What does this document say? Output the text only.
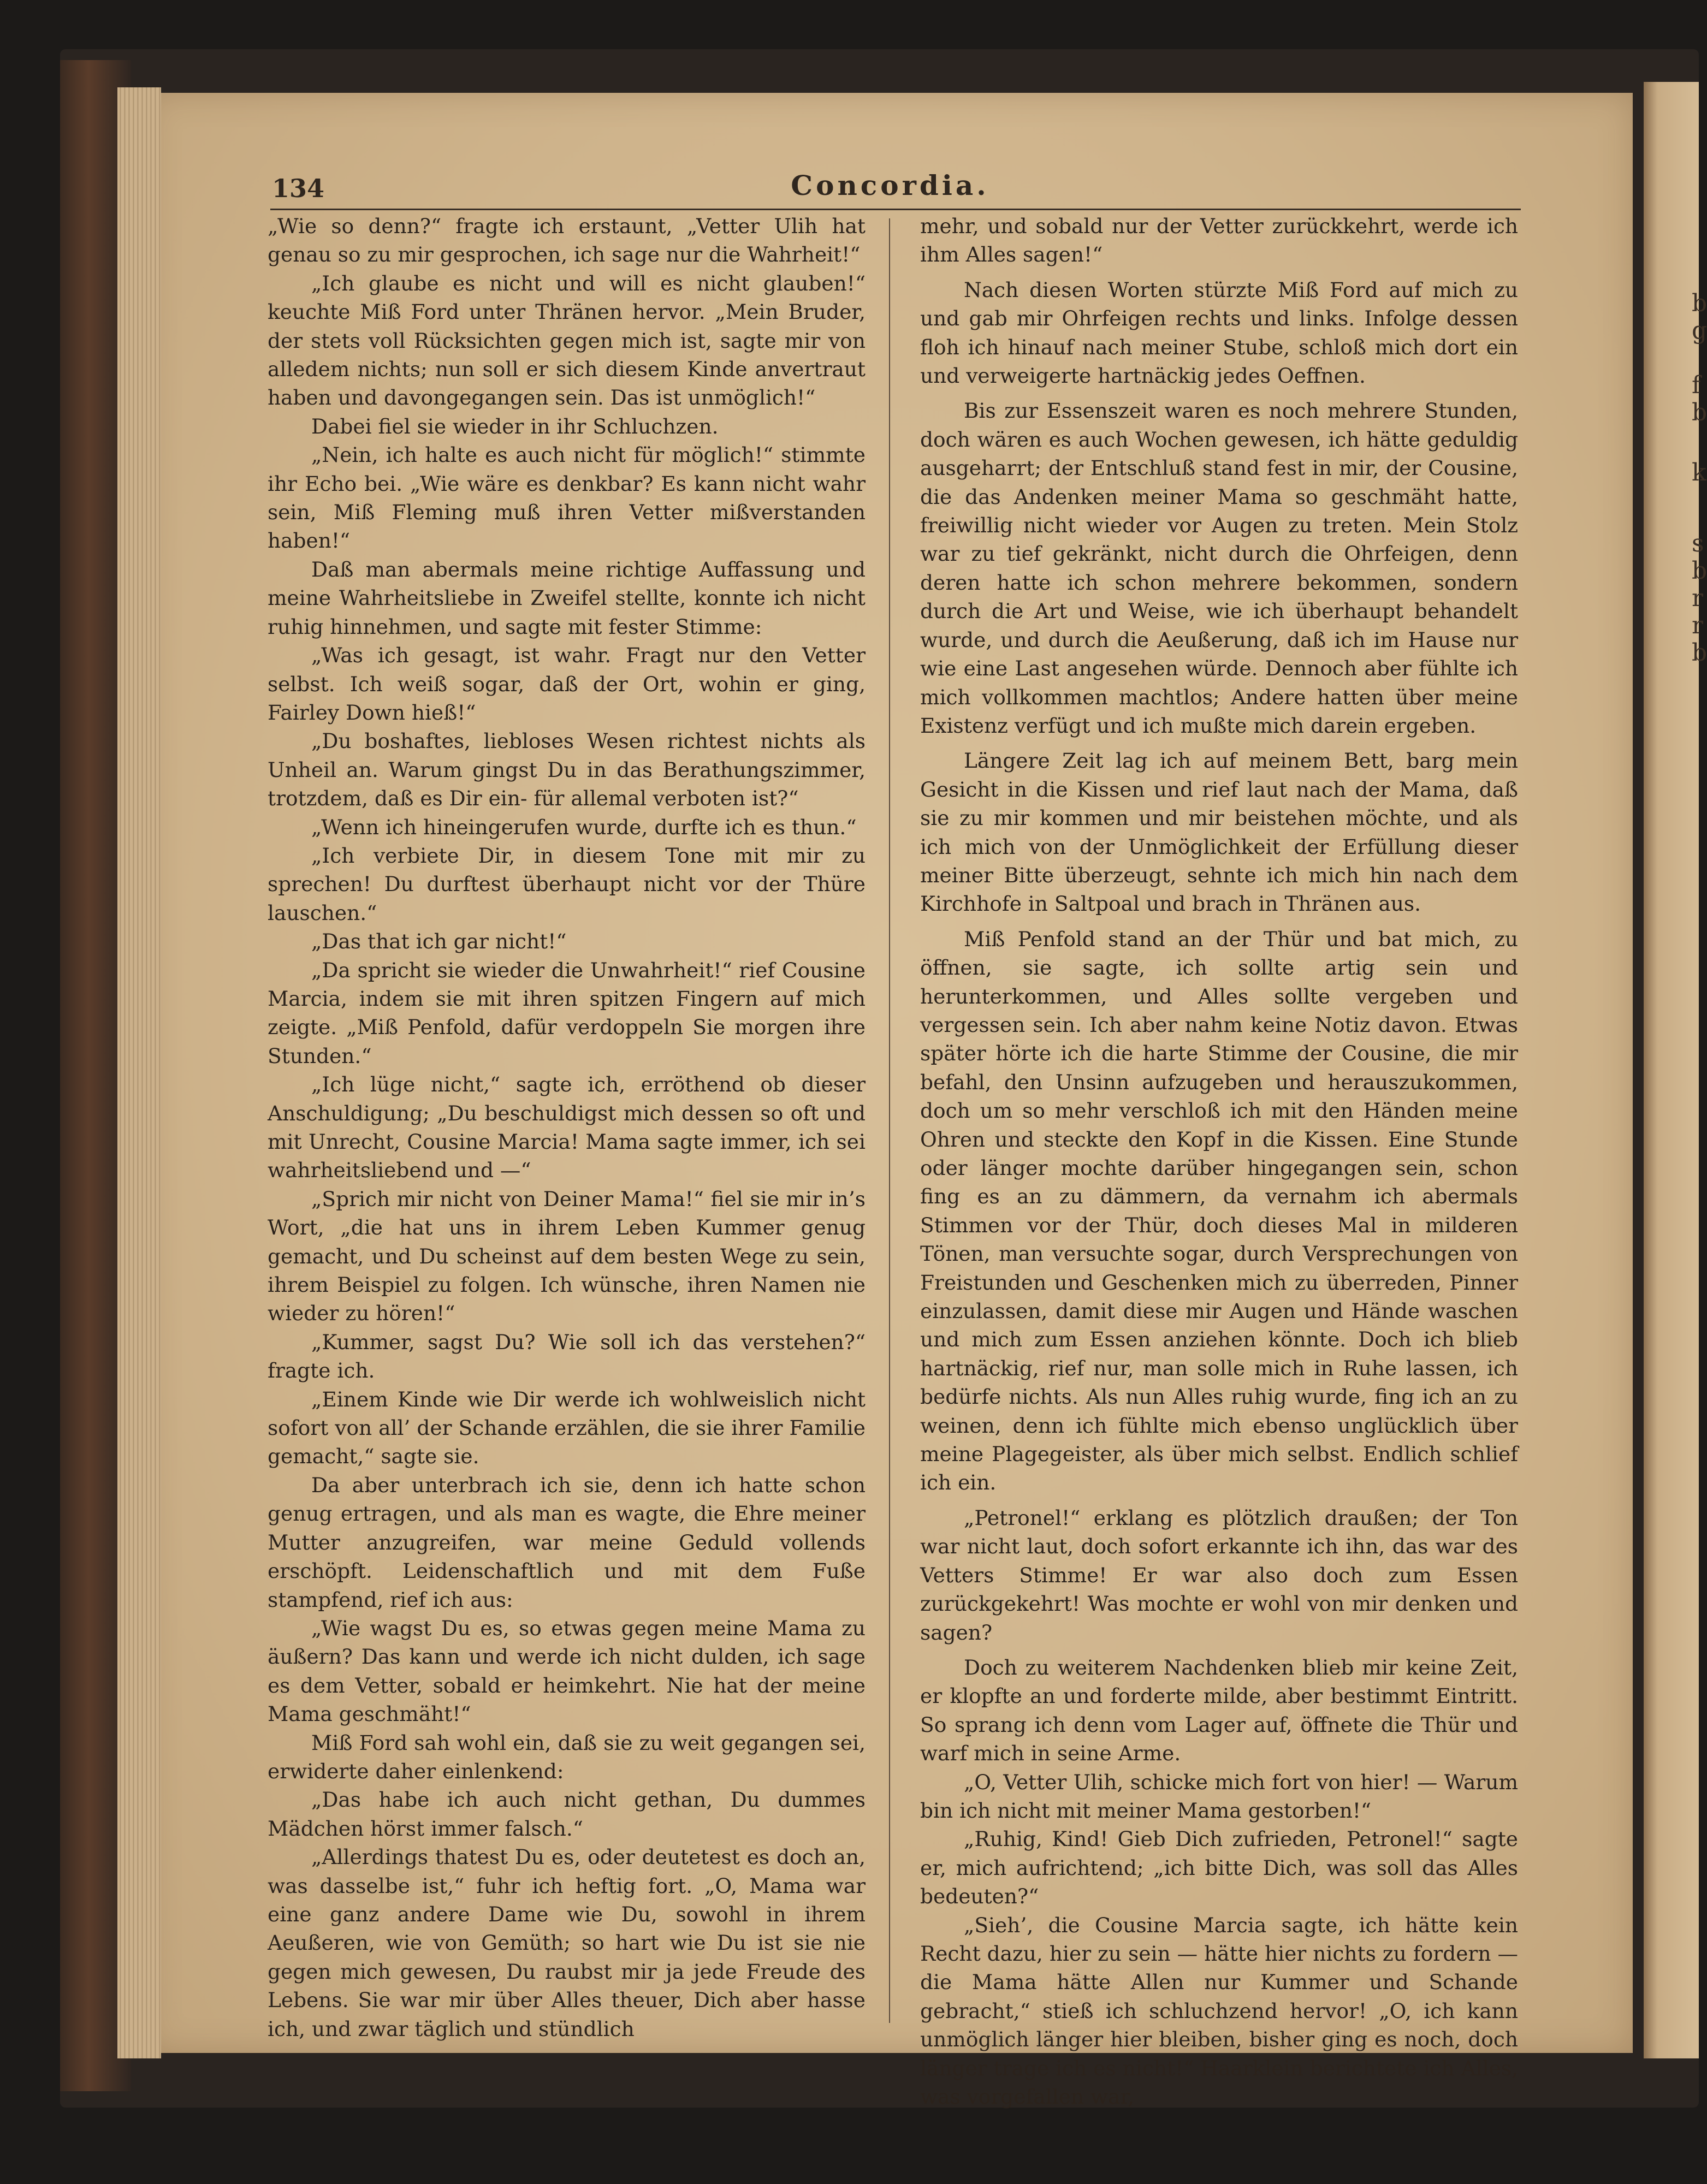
b
g
f
b
k
s
b
r
r
b
134	Concordia.

„Wie so denn?“ fragte ich erstaunt, „Vetter Ulih hat genau so zu mir gesprochen, ich sage nur die Wahrheit!“

„Ich glaube es nicht und will es nicht glauben!“ keuchte Miß Ford unter Thränen hervor. „Mein Bruder, der stets voll Rücksichten gegen mich ist, sagte mir von alledem nichts; nun soll er sich diesem Kinde anvertraut haben und davongegangen sein. Das ist unmöglich!“

Dabei fiel sie wieder in ihr Schluchzen.

„Nein, ich halte es auch nicht für möglich!“ stimmte ihr Echo bei. „Wie wäre es denkbar? Es kann nicht wahr sein, Miß Fleming muß ihren Vetter mißverstanden haben!“

Daß man abermals meine richtige Auffassung und meine Wahrheitsliebe in Zweifel stellte, konnte ich nicht ruhig hinnehmen, und sagte mit fester Stimme:

„Was ich gesagt, ist wahr. Fragt nur den Vetter selbst. Ich weiß sogar, daß der Ort, wohin er ging, Fairley Down hieß!“

„Du boshaftes, liebloses Wesen richtest nichts als Unheil an. Warum gingst Du in das Berathungszimmer, trotzdem, daß es Dir ein- für allemal verboten ist?“

„Wenn ich hineingerufen wurde, durfte ich es thun.“

„Ich verbiete Dir, in diesem Tone mit mir zu sprechen! Du durftest überhaupt nicht vor der Thüre lauschen.“

„Das that ich gar nicht!“

„Da spricht sie wieder die Unwahrheit!“ rief Cousine Marcia, indem sie mit ihren spitzen Fingern auf mich zeigte. „Miß Penfold, dafür verdoppeln Sie morgen ihre Stunden.“

„Ich lüge nicht,“ sagte ich, erröthend ob dieser Anschuldigung; „Du beschuldigst mich dessen so oft und mit Unrecht, Cousine Marcia! Mama sagte immer, ich sei wahrheitsliebend und —“

„Sprich mir nicht von Deiner Mama!“ fiel sie mir in’s Wort, „die hat uns in ihrem Leben Kummer genug gemacht, und Du scheinst auf dem besten Wege zu sein, ihrem Beispiel zu folgen. Ich wünsche, ihren Namen nie wieder zu hören!“

„Kummer, sagst Du? Wie soll ich das verstehen?“ fragte ich.

„Einem Kinde wie Dir werde ich wohlweislich nicht sofort von all’ der Schande erzählen, die sie ihrer Familie gemacht,“ sagte sie.

Da aber unterbrach ich sie, denn ich hatte schon genug ertragen, und als man es wagte, die Ehre meiner Mutter anzugreifen, war meine Geduld vollends erschöpft. Leidenschaftlich und mit dem Fuße stampfend, rief ich aus:

„Wie wagst Du es, so etwas gegen meine Mama zu äußern? Das kann und werde ich nicht dulden, ich sage es dem Vetter, sobald er heimkehrt. Nie hat der meine Mama geschmäht!“

Miß Ford sah wohl ein, daß sie zu weit gegangen sei, erwiderte daher einlenkend:

„Das habe ich auch nicht gethan, Du dummes Mädchen hörst immer falsch.“

„Allerdings thatest Du es, oder deutetest es doch an, was dasselbe ist,“ fuhr ich heftig fort. „O, Mama war eine ganz andere Dame wie Du, sowohl in ihrem Aeußeren, wie von Gemüth; so hart wie Du ist sie nie gegen mich gewesen, Du raubst mir ja jede Freude des Lebens. Sie war mir über Alles theuer, Dich aber hasse ich, und zwar täglich und stündlich

mehr, und sobald nur der Vetter zurückkehrt, werde ich ihm Alles sagen!“

Nach diesen Worten stürzte Miß Ford auf mich zu und gab mir Ohrfeigen rechts und links. Infolge dessen floh ich hinauf nach meiner Stube, schloß mich dort ein und verweigerte hartnäckig jedes Oeffnen.

Bis zur Essenszeit waren es noch mehrere Stunden, doch wären es auch Wochen gewesen, ich hätte geduldig ausgeharrt; der Entschluß stand fest in mir, der Cousine, die das Andenken meiner Mama so geschmäht hatte, freiwillig nicht wieder vor Augen zu treten. Mein Stolz war zu tief gekränkt, nicht durch die Ohrfeigen, denn deren hatte ich schon mehrere bekommen, sondern durch die Art und Weise, wie ich überhaupt behandelt wurde, und durch die Aeußerung, daß ich im Hause nur wie eine Last angesehen würde. Dennoch aber fühlte ich mich vollkommen machtlos; Andere hatten über meine Existenz verfügt und ich mußte mich darein ergeben.

Längere Zeit lag ich auf meinem Bett, barg mein Gesicht in die Kissen und rief laut nach der Mama, daß sie zu mir kommen und mir beistehen möchte, und als ich mich von der Unmöglichkeit der Erfüllung dieser meiner Bitte überzeugt, sehnte ich mich hin nach dem Kirchhofe in Saltpoal und brach in Thränen aus.

Miß Penfold stand an der Thür und bat mich, zu öffnen, sie sagte, ich sollte artig sein und herunterkommen, und Alles sollte vergeben und vergessen sein. Ich aber nahm keine Notiz davon. Etwas später hörte ich die harte Stimme der Cousine, die mir befahl, den Unsinn aufzugeben und herauszukommen, doch um so mehr verschloß ich mit den Händen meine Ohren und steckte den Kopf in die Kissen. Eine Stunde oder länger mochte darüber hingegangen sein, schon fing es an zu dämmern, da vernahm ich abermals Stimmen vor der Thür, doch dieses Mal in milderen Tönen, man versuchte sogar, durch Versprechungen von Freistunden und Geschenken mich zu überreden, Pinner einzulassen, damit diese mir Augen und Hände waschen und mich zum Essen anziehen könnte. Doch ich blieb hartnäckig, rief nur, man solle mich in Ruhe lassen, ich bedürfe nichts. Als nun Alles ruhig wurde, fing ich an zu weinen, denn ich fühlte mich ebenso unglücklich über meine Plagegeister, als über mich selbst. Endlich schlief ich ein.

„Petronel!“ erklang es plötzlich draußen; der Ton war nicht laut, doch sofort erkannte ich ihn, das war des Vetters Stimme! Er war also doch zum Essen zurückgekehrt! Was mochte er wohl von mir denken und sagen?

Doch zu weiterem Nachdenken blieb mir keine Zeit, er klopfte an und forderte milde, aber bestimmt Eintritt. So sprang ich denn vom Lager auf, öffnete die Thür und warf mich in seine Arme.

„O, Vetter Ulih, schicke mich fort von hier! — Warum bin ich nicht mit meiner Mama gestorben!“

„Ruhig, Kind! Gieb Dich zufrieden, Petronel!“ sagte er, mich aufrichtend; „ich bitte Dich, was soll das Alles bedeuten?“

„Sieh’, die Cousine Marcia sagte, ich hätte kein Recht dazu, hier zu sein — hätte hier nichts zu fordern — die Mama hätte Allen nur Kummer und Schande gebracht,“ stieß ich schluchzend hervor! „O, ich kann unmöglich länger hier bleiben, bisher ging es noch, doch länger trage ich es nicht!“ Haarklein berichtete ich Alles, was vorgefallen war,
